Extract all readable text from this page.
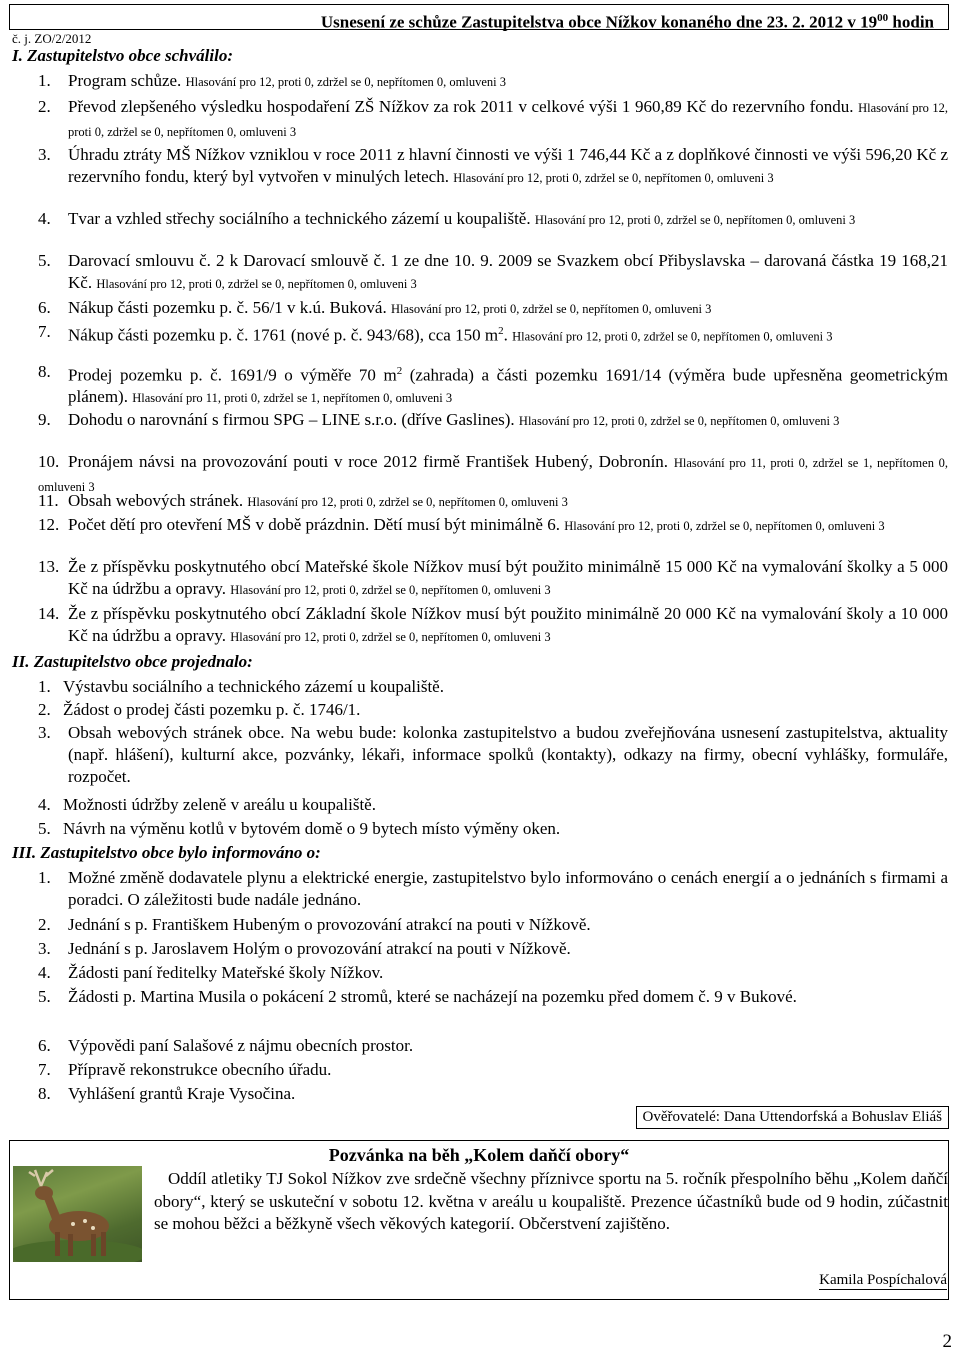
Usnesení ze schůze Zastupitelstva obce Nížkov konaného dne 23. 2. 2012 v $19^{00}$ hodin
č. j. ZO/2/2012
I. Zastupitelstvo obce schválilo:
1. Program schůze. Hlasování pro 12, proti 0, zdržel se 0, nepřítomen 0, omluveni 3
2. Převod zlepšeného výsledku hospodaření ZŠ Nížkov za rok 2011 v celkové výši 1 960,89 Kč do rezervního fondu. Hlasování pro 12, proti 0, zdržel se 0, nepřítomen 0, omluveni 3
3. Úhradu ztráty MŠ Nížkov vzniklou v roce 2011 z hlavní činnosti ve výši 1 746,44 Kč a z doplňkové činnosti ve výši 596,20 Kč z rezervního fondu, který byl vytvořen v minulých letech. Hlasování pro 12, proti 0, zdržel se 0, nepřítomen 0, omluveni 3
4. Tvar a vzhled střechy sociálního a technického zázemí u koupaliště. Hlasování pro 12, proti 0, zdržel se 0, nepřítomen 0, omluveni 3
5. Darovací smlouvu č. 2 k Darovací smlouvě č. 1 ze dne 10. 9. 2009 se Svazkem obcí Přibyslavska – darovaná částka 19 168,21 Kč. Hlasování pro 12, proti 0, zdržel se 0, nepřítomen 0, omluveni 3
6. Nákup části pozemku p. č. 56/1 v k.ú. Buková. Hlasování pro 12, proti 0, zdržel se 0, nepřítomen 0, omluveni 3
7. Nákup části pozemku p. č. 1761 (nové p. č. 943/68), cca 150 $m^2$. Hlasování pro 12, proti 0, zdržel se 0, nepřítomen 0, omluveni 3
8. Prodej pozemku p. č. 1691/9 o výměře 70 $m^2$ (zahrada) a části pozemku 1691/14 (výměra bude upřesněna geometrickým plánem). Hlasování pro 11, proti 0, zdržel se 1, nepřítomen 0, omluveni 3
9. Dohodu o narovnání s firmou SPG – LINE s.r.o. (dříve Gaslines). Hlasování pro 12, proti 0, zdržel se 0, nepřítomen 0, omluveni 3
10. Pronájem návsi na provozování pouti v roce 2012 firmě František Hubený, Dobronín. Hlasování pro 11, proti 0, zdržel se 1, nepřítomen 0, omluveni 3
11. Obsah webových stránek. Hlasování pro 12, proti 0, zdržel se 0, nepřítomen 0, omluveni 3
12. Počet dětí pro otevření MŠ v době prázdnin. Dětí musí být minimálně 6. Hlasování pro 12, proti 0, zdržel se 0, nepřítomen 0, omluveni 3
13. Že z příspěvku poskytnutého obcí Mateřské škole Nížkov musí být použito minimálně 15 000 Kč na vymalování školky a 5 000 Kč na údržbu a opravy. Hlasování pro 12, proti 0, zdržel se 0, nepřítomen 0, omluveni 3
14. Že z příspěvku poskytnutého obcí Základní škole Nížkov musí být použito minimálně 20 000 Kč na vymalování školy a 10 000 Kč na údržbu a opravy. Hlasování pro 12, proti 0, zdržel se 0, nepřítomen 0, omluveni 3
II. Zastupitelstvo obce projednalo:
1. Výstavbu sociálního a technického zázemí u koupaliště.
2. Žádost o prodej části pozemku p. č. 1746/1.
3. Obsah webových stránek obce. Na webu bude: kolonka zastupitelstvo a budou zveřejňována usnesení zastupitelstva, aktuality (např. hlášení), kulturní akce, pozvánky, lékaři, informace spolků (kontakty), odkazy na firmy, obecní vyhlášky, formuláře, rozpočet.
4. Možnosti údržby zeleně v areálu u koupaliště.
5. Návrh na výměnu kotlů v bytovém domě o 9 bytech místo výměny oken.
III. Zastupitelstvo obce bylo informováno o:
1. Možné změně dodavatele plynu a elektrické energie, zastupitelstvo bylo informováno o cenách energií a o jednáních s firmami a poradci. O záležitosti bude nadále jednáno.
2. Jednání s p. Františkem Hubeným o provozování atrakcí na pouti v Nížkově.
3. Jednání s p. Jaroslavem Holým o provozování atrakcí na pouti v Nížkově.
4. Žádosti paní ředitelky Mateřské školy Nížkov.
5. Žádosti p. Martina Musila o pokácení 2 stromů, které se nacházejí na pozemku před domem č. 9 v Bukové.
6. Výpovědi paní Salašové z nájmu obecních prostor.
7. Přípravě rekonstrukce obecního úřadu.
8. Vyhlášení grantů Kraje Vysočina.
Ověřovatelé: Dana Uttendorfská a Bohuslav Eliáš
Pozvánka na běh „Kolem daňčí obory“
Oddíl atletiky TJ Sokol Nížkov zve srdečně všechny příznivce sportu na 5. ročník přespolního běhu „Kolem daňčí obory“, který se uskuteční v sobotu 12. května v areálu u koupaliště. Prezence účastníků bude od 9 hodin, zúčastnit se mohou běžci a běžkyně všech věkových kategorií. Občerstvení zajištěno.
Kamila Pospíchalová
2
